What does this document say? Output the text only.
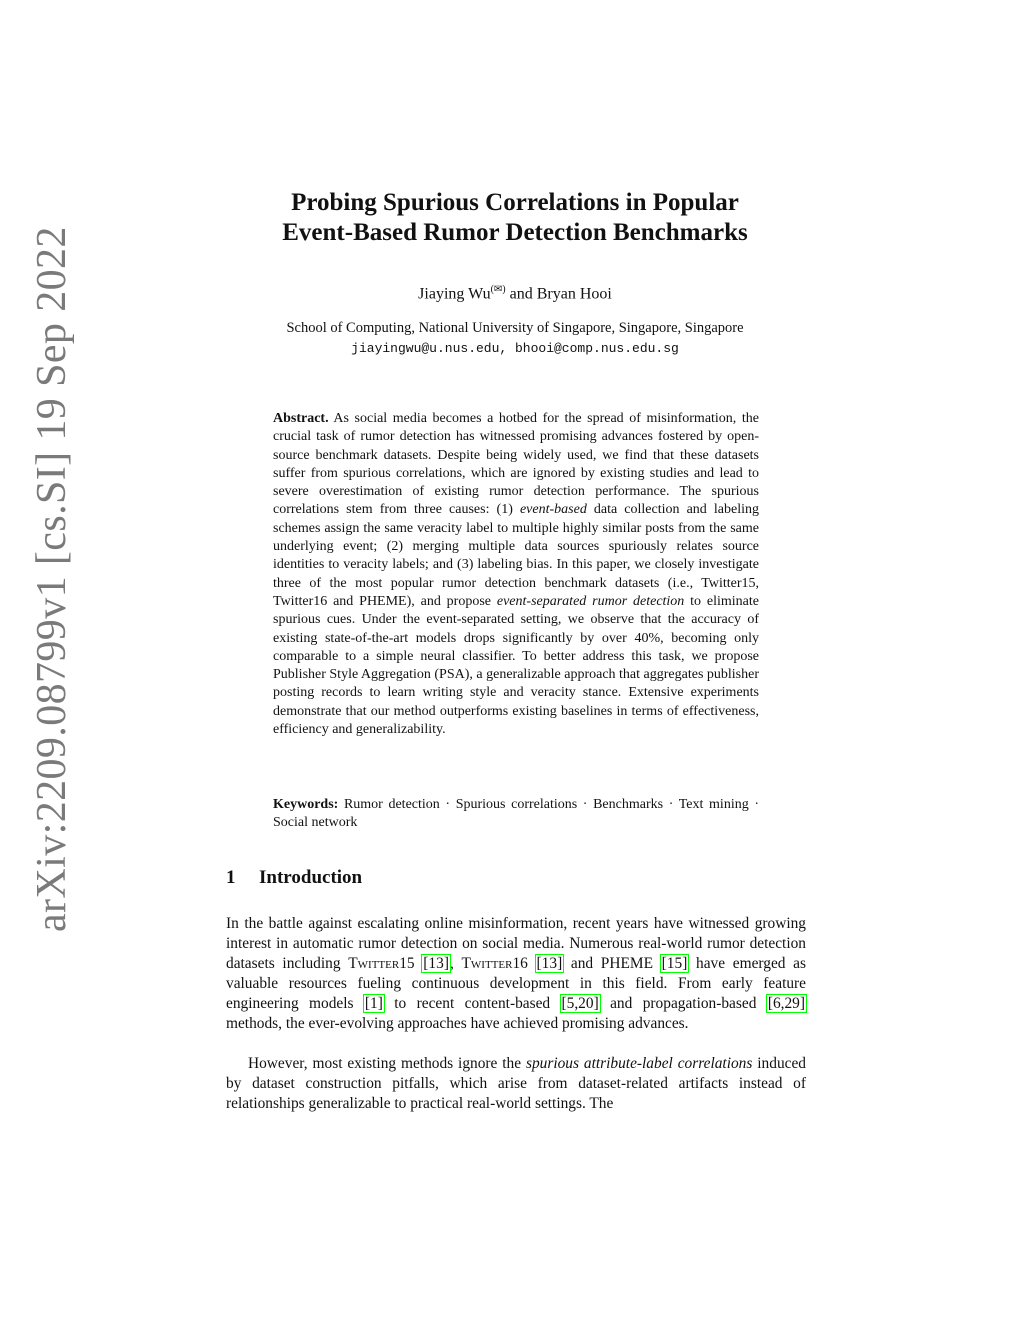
arXiv:2209.08799v1 [cs.SI] 19 Sep 2022
Probing Spurious Correlations in Popular
Event-Based Rumor Detection Benchmarks
Jiaying Wu(✉) and Bryan Hooi
School of Computing, National University of Singapore, Singapore, Singapore
jiayingwu@u.nus.edu, bhooi@comp.nus.edu.sg

Abstract. As social media becomes a hotbed for the spread of misinformation, the crucial task of rumor detection has witnessed promising advances fostered by open-source benchmark datasets. Despite being widely used, we find that these datasets suffer from spurious correlations, which are ignored by existing studies and lead to severe overestimation of existing rumor detection performance. The spurious correlations stem from three causes: (1) event-based data collection and labeling schemes assign the same veracity label to multiple highly similar posts from the same underlying event; (2) merging multiple data sources spuriously relates source identities to veracity labels; and (3) labeling bias. In this paper, we closely investigate three of the most popular rumor detection benchmark datasets (i.e., Twitter15, Twitter16 and PHEME), and propose event-separated rumor detection to eliminate spurious cues. Under the event-separated setting, we observe that the accuracy of existing state-of-the-art models drops significantly by over 40%, becoming only comparable to a simple neural classifier. To better address this task, we propose Publisher Style Aggregation (PSA), a generalizable approach that aggregates publisher posting records to learn writing style and veracity stance. Extensive experiments demonstrate that our method outperforms existing baselines in terms of effectiveness, efficiency and generalizability.

Keywords: Rumor detection · Spurious correlations · Benchmarks · Text mining · Social network

1 Introduction

In the battle against escalating online misinformation, recent years have witnessed growing interest in automatic rumor detection on social media. Numerous real-world rumor detection datasets including Twitter15 [13], Twitter16 [13] and PHEME [15] have emerged as valuable resources fueling continuous development in this field. From early feature engineering models [1] to recent content-based [5,20] and propagation-based [6,29] methods, the ever-evolving approaches have achieved promising advances.

However, most existing methods ignore the spurious attribute-label correlations induced by dataset construction pitfalls, which arise from dataset-related artifacts instead of relationships generalizable to practical real-world settings. The
